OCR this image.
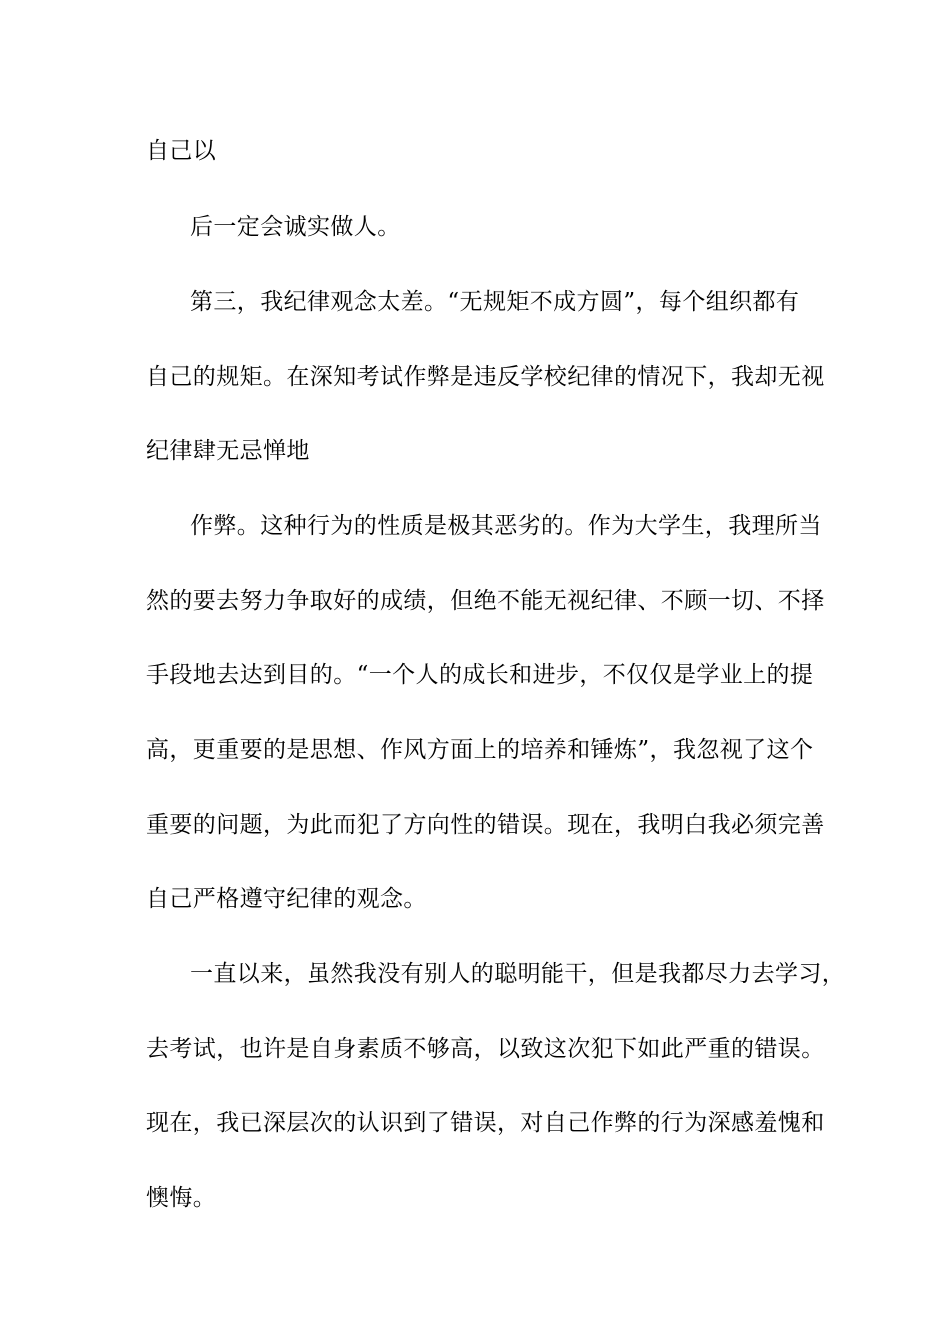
自己以
后一定会诚实做人。
第三，我纪律观念太差。“无规矩不成方圆”，每个组织都有
自己的规矩。在深知考试作弊是违反学校纪律的情况下，我却无视
纪律肆无忌惮地
作弊。这种行为的性质是极其恶劣的。作为大学生，我理所当
然的要去努力争取好的成绩，但绝不能无视纪律、不顾一切、不择
手段地去达到目的。“一个人的成长和进步，不仅仅是学业上的提
高，更重要的是思想、作风方面上的培养和锤炼”，我忽视了这个
重要的问题，为此而犯了方向性的错误。现在，我明白我必须完善
自己严格遵守纪律的观念。
一直以来，虽然我没有别人的聪明能干，但是我都尽力去学习，
去考试，也许是自身素质不够高，以致这次犯下如此严重的错误。
现在，我已深层次的认识到了错误，对自己作弊的行为深感羞愧和
懊悔。
